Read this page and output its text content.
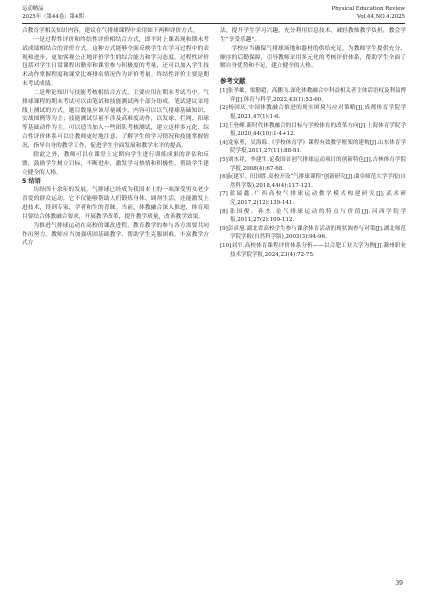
运动精品
2025年（第44卷）第4期
Physical Education Review
Vol.44,NO.4.2025

合教育学相关知识内容，建议在气排球课程中采用如下两种评价方式。

一是过程性评价和终结性评价相结合方式，即平时上课表现和期末考试成绩相结合的评价方式。这种方式能够全面反映学生在学习过程中的表现和进步，更加客观公正地评价学生的综合能力和学习态度。过程性评价包括对学生日常课程出勤率和课堂参与积极度的考量，还可以加入学生技术动作掌握程度和课堂比赛排名情况作为评价考量。终结性评价主要是期末考试成绩。

二是理论知识与技能考核相结合方式，主要应用在期末考试当中。气排球课程的期末考试可以由笔试和技能测试两个部分组成。笔试建议采用线上测试的方式，题目数量应该尽量减少，内容可以以气排球基础知识、实战图例等为主；技能测试尽量不涉及高难度动作，以发球、拦网、扣球等基础动作为主，可以适当加入一些团队考核测试，建立这样多元化、综合性评价体系可以让教师更好地注意，了解学生的学习情况和技能掌握情况，指导自身的教学工作，促进学生全面发展和教学水平的提高。

除此之外，教师可以在课堂上定期向学生进行训练成果的评估和反馈，鼓励学生树立目标，不断进步，激发学习热情和积极性，帮助学生建立健全的人格。

5 结语

历经四十余年的发展，气排球已经成为我国本土的一项深受男女老少喜爱的群众运动。它不仅能够帮助人们锻炼身体、调剂生活，还能激发上进技术，得到专家、学者和生的青睐。当前，体教融合深入推进，体育项目要结合体教融合要求，开展教学改革，提升教学质量，改善教学效果。

为推进气排球运动在高校的课改进程，教育教学的参与各方需要共同作出努力。教师应当加强巩固基础教学，帮助学生克服困难，丰富教学方式方

法，提升学生学习兴趣，充分利用信息技术，减轻教师教学负担，教会学生“享受乐趣”。

学校应当确保气排球场地和器材的供给充足，为教师学生提供充分、顺序的后勤保障，引导教师采用多元化的考核评价体系，帮助学生全面了解自身优势和不足，建立健全的人格。

参考文献

[1]张孝雄，梁勤超，高鹏飞.深化体教融合中科益相关者主体话语权及利益博弈[J].体育与科学,2022,43(1):53-60.

[2]杨国庆.中国体教融合推进的现实困境与应对策略[J].成都体育学院学报,2021,47(1):1-6.

[3]王登峰.新时代体教融合的目标与学校体育的改革方向[J].上海体育学院学报,2020,44(10):1-4+12.

[4]龙家勇，吴海海.《学校体育学》课程有效教学框架的建构[J].山东体育学院学报,2011,27(11):88-91.

[5]刘水祥，李建生.论我国首创气排球运动项目的创新特色[J].吉林体育学院学报,2008(4):67-68.

[6]阮建军，田国胜.高校开设“气排球课程”创新研究[J].曲阜师范大学学报(自然科学版),2018,44(4):117-121.

[7]蓝瑞鑫.广西高校气排球运动教学模式构建研究[J].武术研究,2017,2(12):139-141.

[8]张国俊，孙杰.论气排球运动的特点与价值[J].河西学院学报,2011,27(2):109-112.

[9]彭彦旭.湖北省高校学生参与课余体育活动的现状调查与对策[J].湖北师范学院学报(自然科学版),2003(3):94-96.

[10]刘平.高校体育课程评价体系分析——以合肥工业大学为例[J].滁州职业技术学院学报,2024,23(4):72-75.

39
